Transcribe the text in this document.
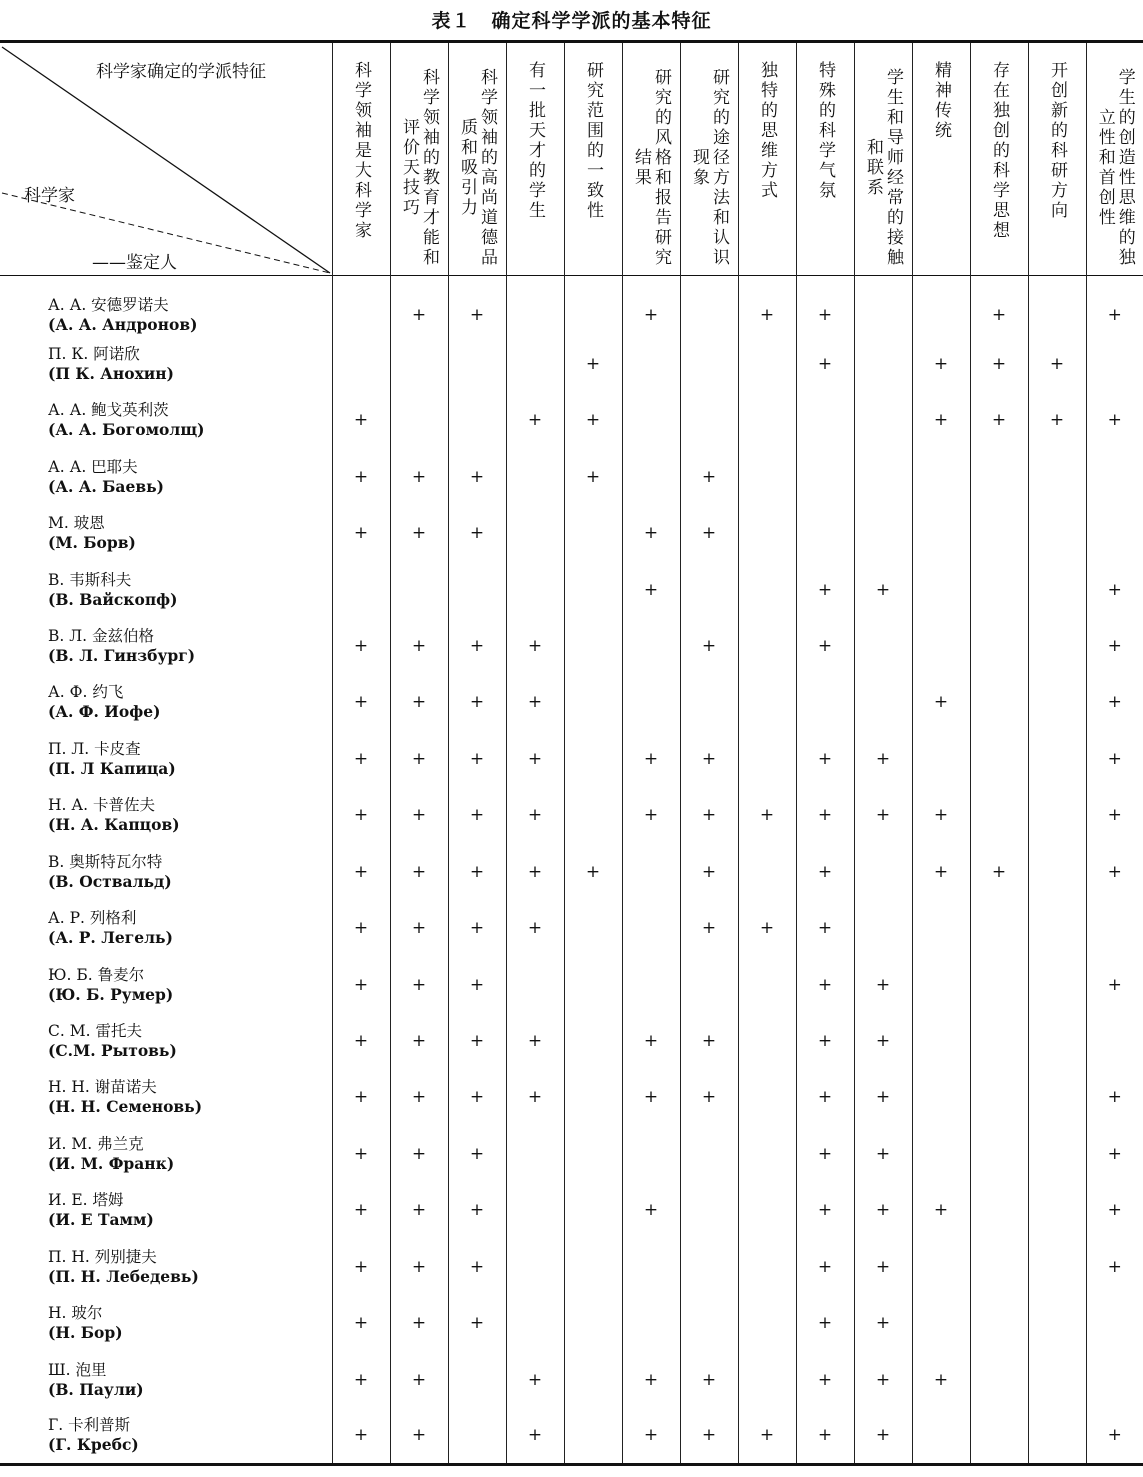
表１　确定科学学派的基本特征
科学家确定的学派特征
科学家
——鉴定人	科学领袖是大科学家	科学领袖的教育才能和评价天技巧	科学领袖的高尚道德品质和吸引力	有一批天才的学生	研究范围的一致性	研究的风格和报告研究结果	研究的途径方法和认识现象	独特的思维方式	特殊的科学气氛	学生和导师经常的接触和联系	精神传统	存在独创的科学思想	开创新的科研方向	学生的创造性思维的独立性和首创性

А. А. 安德罗诺夫
(А. А. Андронов)		+	+			+		+	+			+		+

П. К. 阿诺欣
(П К. Анохин)					+				+		+	+	+	

А. А. 鲍戈英利茨
(А. А. Богомолщ)	+			+	+						+	+	+	+

А. А. 巴耶夫
(А. А. Баевь)	+	+	+		+		+							

М. 玻恩
(М. Борв)	+	+	+			+	+							

В. 韦斯科夫
(В. Вайскопф)						+			+	+				+

В. Л. 金兹伯格
(В. Л. Гинзбург)	+	+	+	+			+		+					+

А. Ф. 约飞
(А. Ф. Иофе)	+	+	+	+							+			+

П. Л. 卡皮查
(П. Л Капица)	+	+	+	+		+	+		+	+				+

Н. А. 卡普佐夫
(Н. А. Капцов)	+	+	+	+		+	+	+	+	+	+			+

В. 奥斯特瓦尔特
(В. Оствальд)	+	+	+	+	+		+		+		+	+		+

А. Р. 列格利
(А. Р. Легель)	+	+	+	+			+	+	+					

Ю. Б. 鲁麦尔
(Ю. Б. Румер)	+	+	+						+	+				+

С. М. 雷托夫
(С.М. Рытовь)	+	+	+	+		+	+		+	+				

Н. Н. 谢苗诺夫
(Н. Н. Семеновь)	+	+	+	+		+	+		+	+				+

И. М. 弗兰克
(И. М. Франк)	+	+	+						+	+				+

И. Е. 塔姆
(И. Е Тамм)	+	+	+			+			+	+	+			+

П. Н. 列别捷夫
(П. Н. Лебедевь)	+	+	+						+	+				+

Н. 玻尔
(Н. Бор)	+	+	+						+	+				

Ш. 泡里
(В. Паули)	+	+		+		+	+		+	+	+			

Г. 卡利普斯
(Г. Кребс)	+	+		+		+	+	+	+	+				+
